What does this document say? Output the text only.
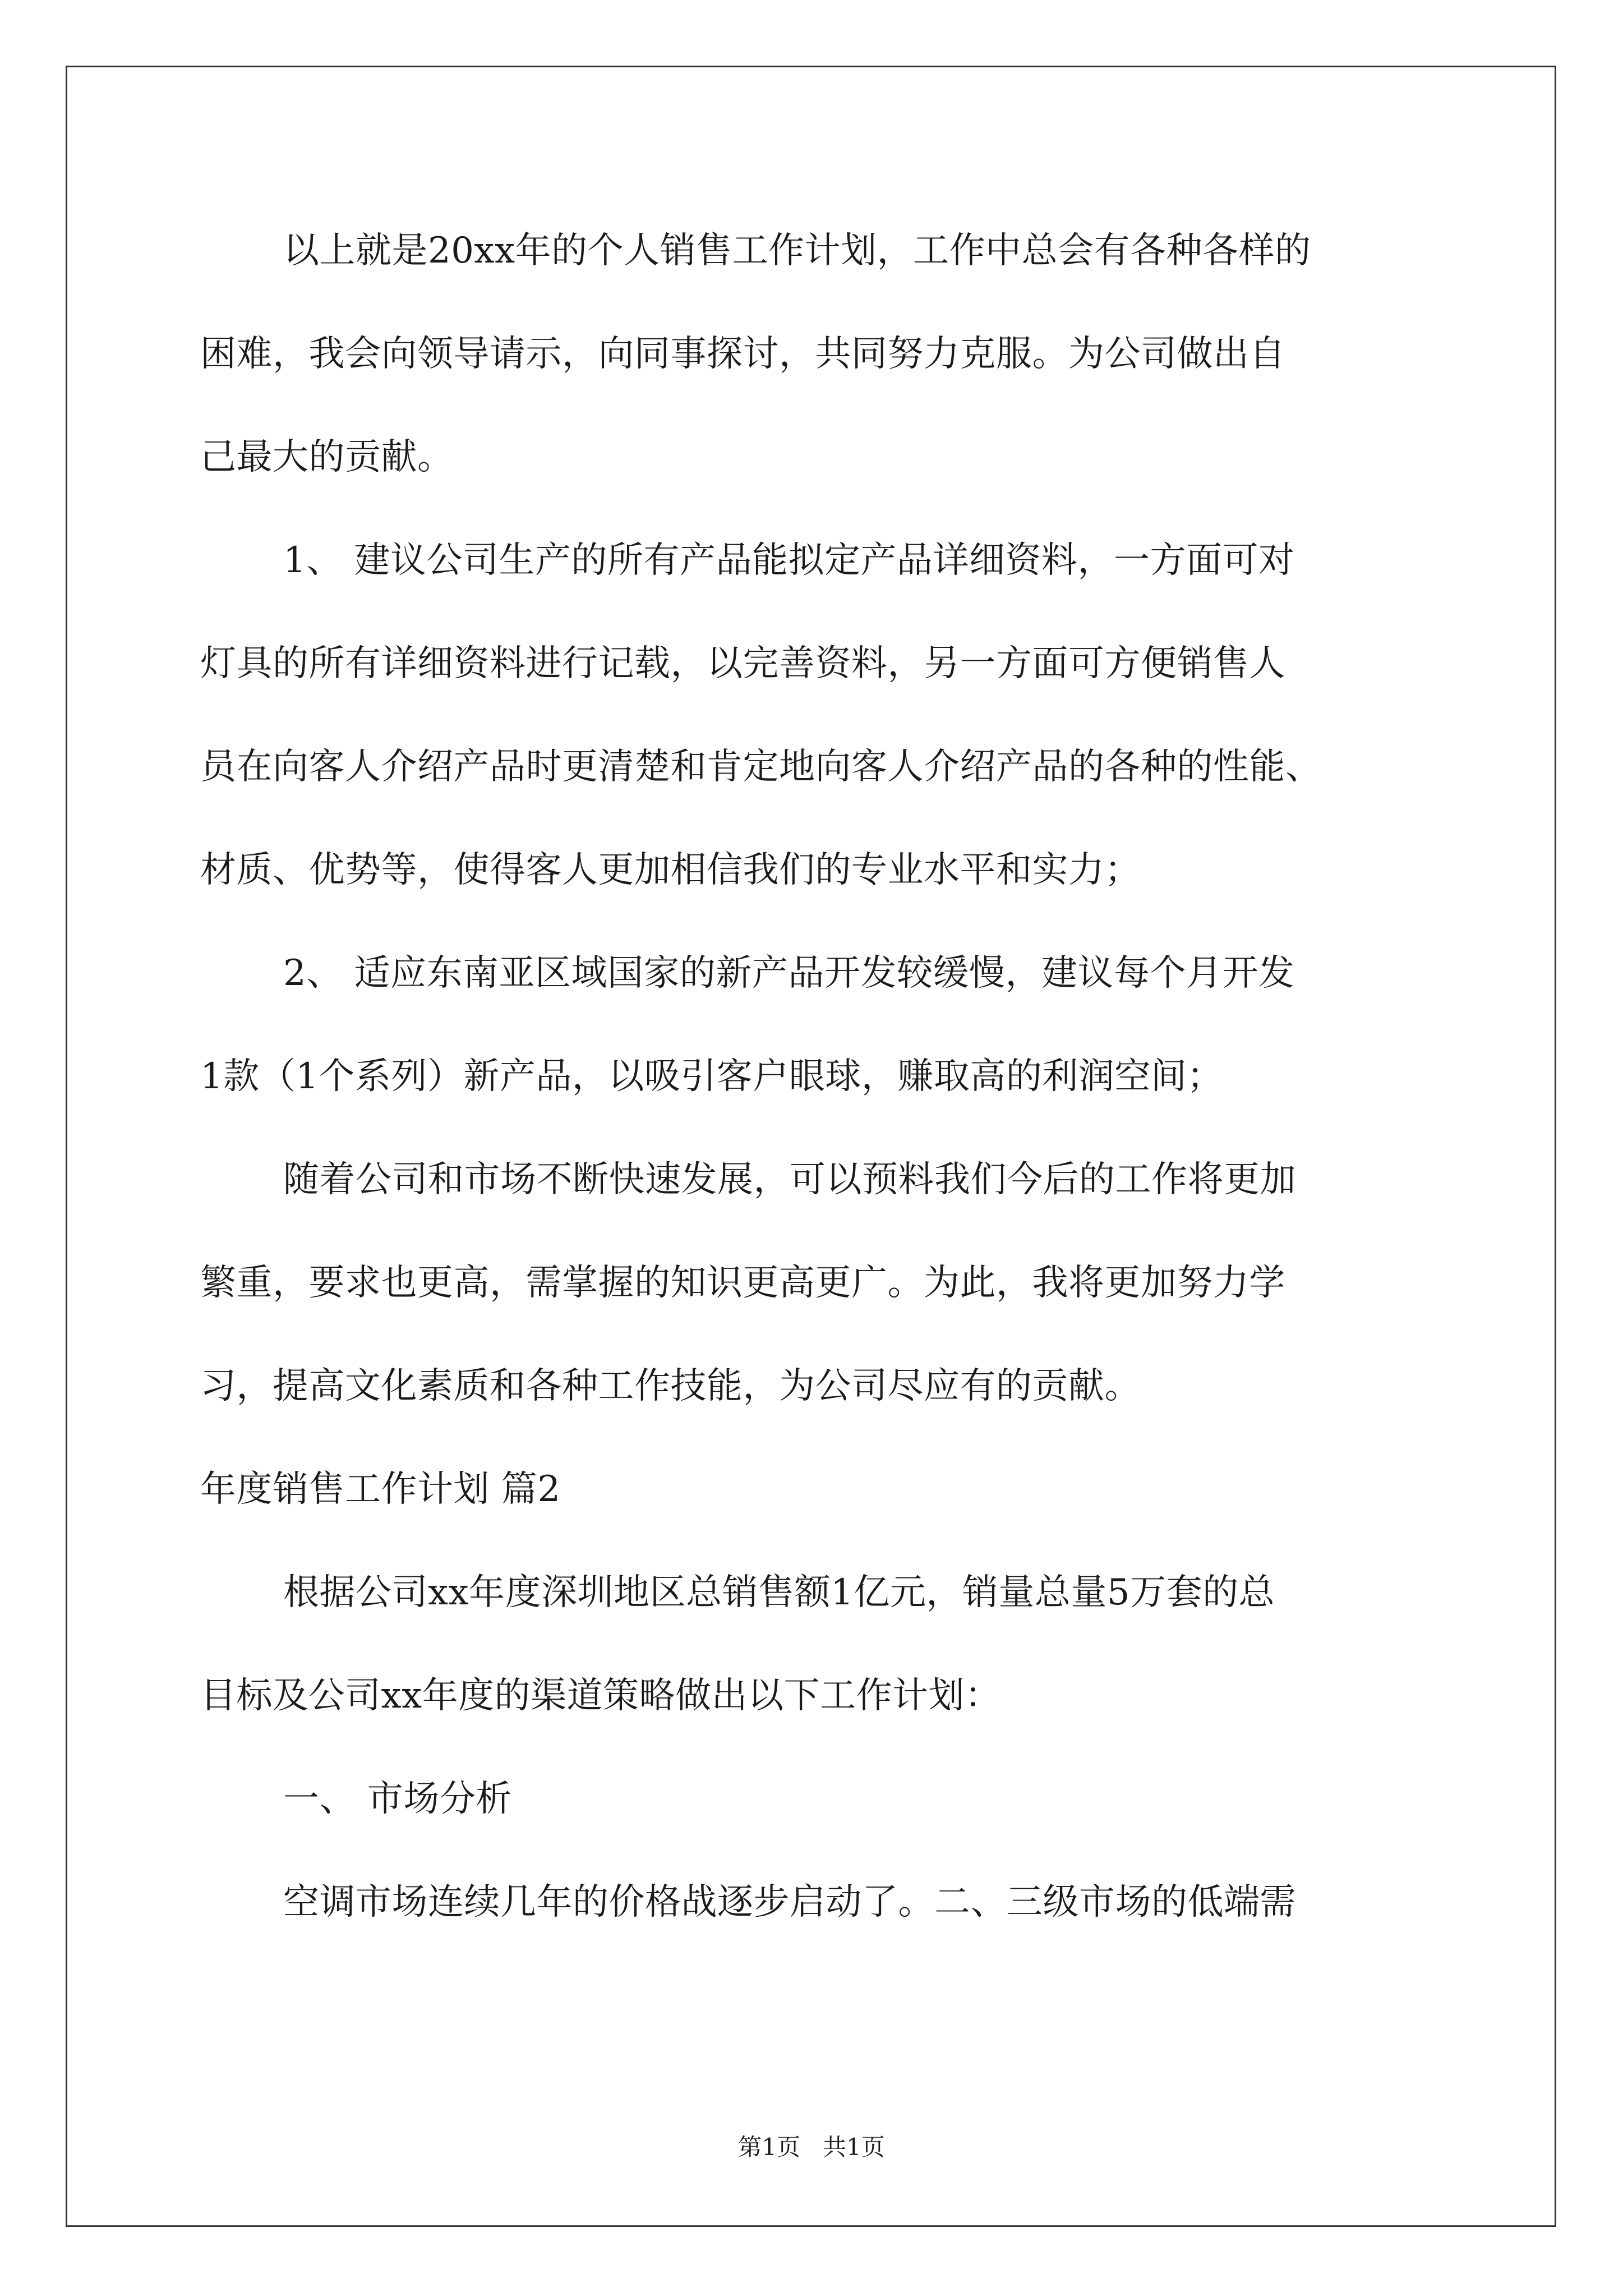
以上就是20xx年的个人销售工作计划，工作中总会有各种各样的
困难，我会向领导请示，向同事探讨，共同努力克服。为公司做出自
己最大的贡献。
1、 建议公司生产的所有产品能拟定产品详细资料，一方面可对
灯具的所有详细资料进行记载，以完善资料，另一方面可方便销售人
员在向客人介绍产品时更清楚和肯定地向客人介绍产品的各种的性能、
材质、优势等，使得客人更加相信我们的专业水平和实力；
2、 适应东南亚区域国家的新产品开发较缓慢，建议每个月开发
1款（1个系列）新产品，以吸引客户眼球，赚取高的利润空间；
随着公司和市场不断快速发展，可以预料我们今后的工作将更加
繁重，要求也更高，需掌握的知识更高更广。为此，我将更加努力学
习，提高文化素质和各种工作技能，为公司尽应有的贡献。
年度销售工作计划 篇2
根据公司xx年度深圳地区总销售额1亿元，销量总量5万套的总
目标及公司xx年度的渠道策略做出以下工作计划：
一、 市场分析
空调市场连续几年的价格战逐步启动了。二、三级市场的低端需
第1页   共1页
